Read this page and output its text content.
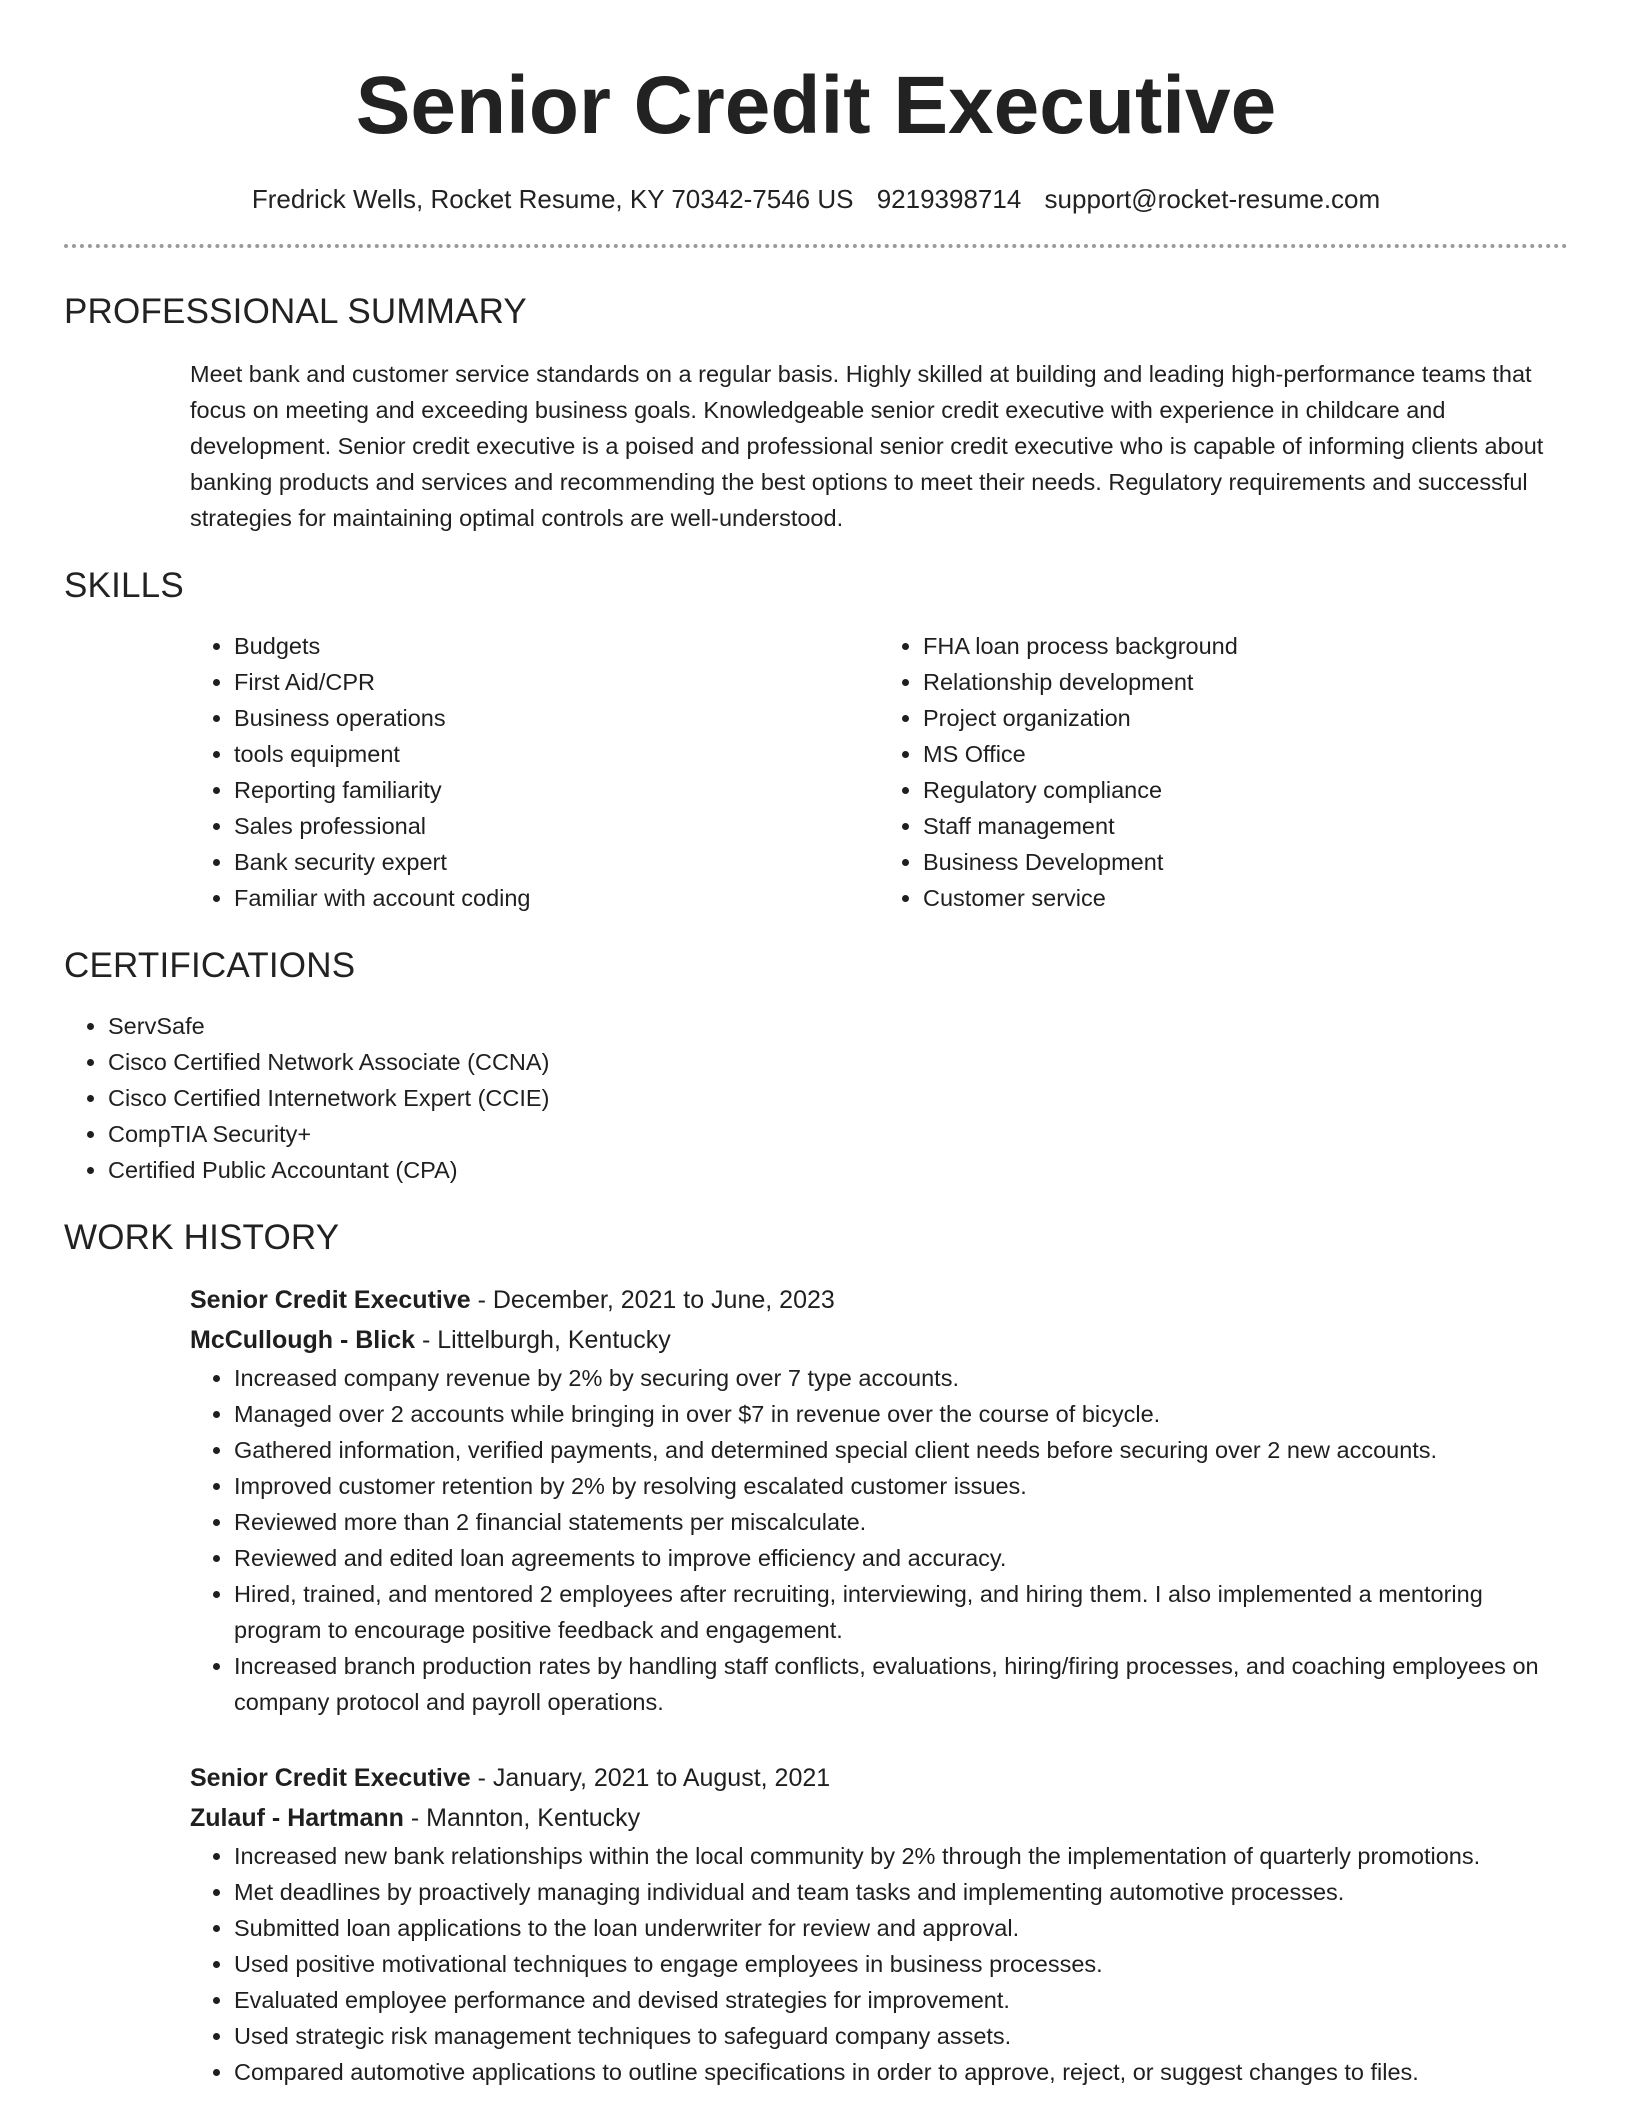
Senior Credit Executive
Fredrick Wells, Rocket Resume, KY 70342-7546 US 9219398714 support@rocket-resume.com
PROFESSIONAL SUMMARY

Meet bank and customer service standards on a regular basis. Highly skilled at building and leading high-performance teams that focus on meeting and exceeding business goals. Knowledgeable senior credit executive with experience in childcare and development. Senior credit executive is a poised and professional senior credit executive who is capable of informing clients about banking products and services and recommending the best options to meet their needs. Regulatory requirements and successful strategies for maintaining optimal controls are well-understood.

SKILLS
• Budgets
• First Aid/CPR
• Business operations
• tools equipment
• Reporting familiarity
• Sales professional
• Bank security expert
• Familiar with account coding
• FHA loan process background
• Relationship development
• Project organization
• MS Office
• Regulatory compliance
• Staff management
• Business Development
• Customer service
CERTIFICATIONS
• ServSafe
• Cisco Certified Network Associate (CCNA)
• Cisco Certified Internetwork Expert (CCIE)
• CompTIA Security+
• Certified Public Accountant (CPA)
WORK HISTORY
Senior Credit Executive - December, 2021 to June, 2023
McCullough - Blick - Littelburgh, Kentucky
• Increased company revenue by 2% by securing over 7 type accounts.
• Managed over 2 accounts while bringing in over $7 in revenue over the course of bicycle.
• Gathered information, verified payments, and determined special client needs before securing over 2 new accounts.
• Improved customer retention by 2% by resolving escalated customer issues.
• Reviewed more than 2 financial statements per miscalculate.
• Reviewed and edited loan agreements to improve efficiency and accuracy.
• Hired, trained, and mentored 2 employees after recruiting, interviewing, and hiring them. I also implemented a mentoring program to encourage positive feedback and engagement.
• Increased branch production rates by handling staff conflicts, evaluations, hiring/firing processes, and coaching employees on company protocol and payroll operations.
Senior Credit Executive - January, 2021 to August, 2021
Zulauf - Hartmann - Mannton, Kentucky
• Increased new bank relationships within the local community by 2% through the implementation of quarterly promotions.
• Met deadlines by proactively managing individual and team tasks and implementing automotive processes.
• Submitted loan applications to the loan underwriter for review and approval.
• Used positive motivational techniques to engage employees in business processes.
• Evaluated employee performance and devised strategies for improvement.
• Used strategic risk management techniques to safeguard company assets.
• Compared automotive applications to outline specifications in order to approve, reject, or suggest changes to files.
